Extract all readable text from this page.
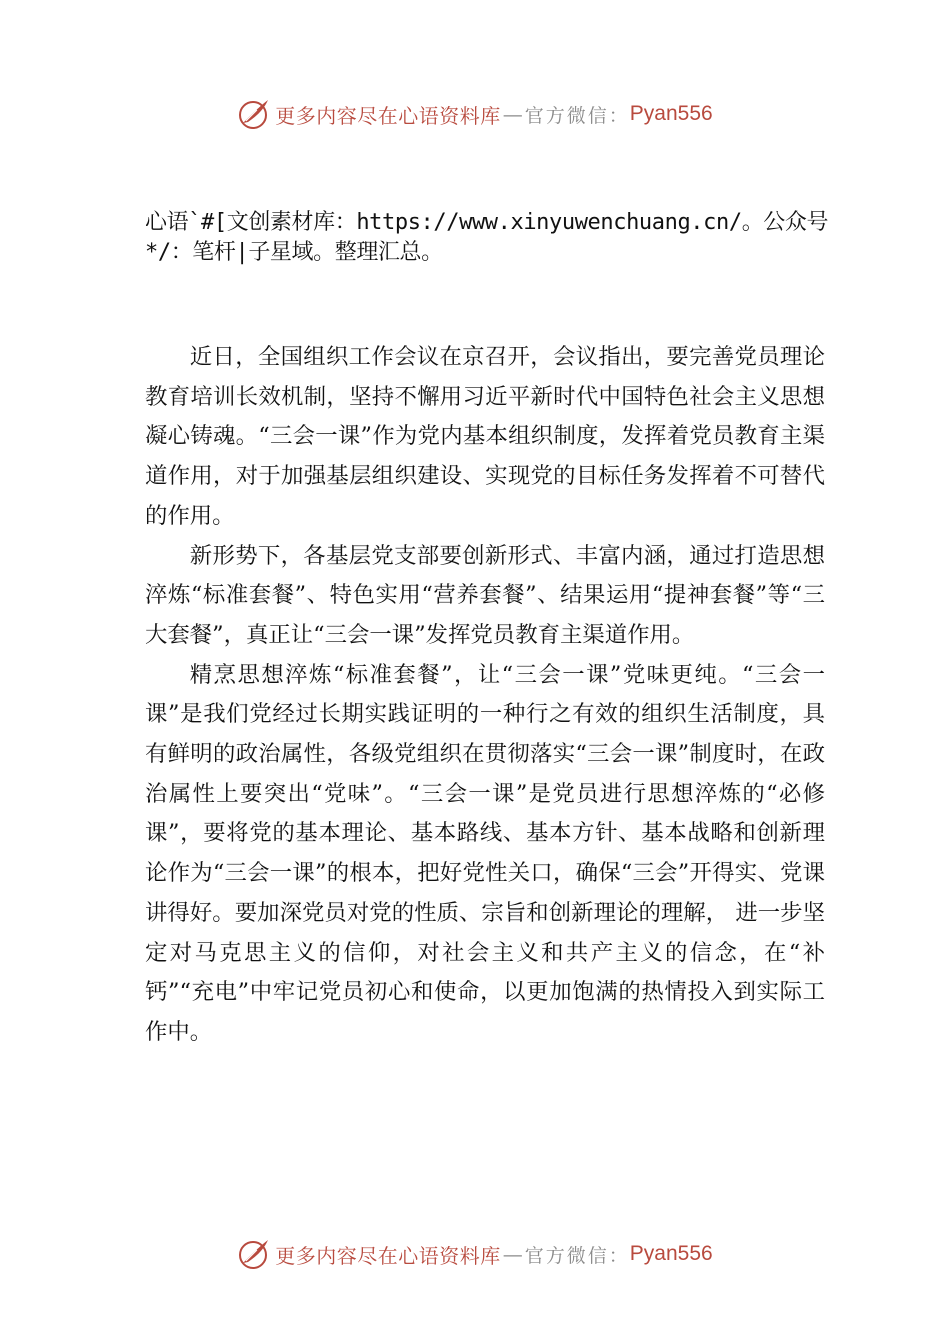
更多内容尽在心语资料库 — 官方微信： Pyan556

心语`#[文创素材库：https://www.xinyuwenchuang.cn/。公众号*/：笔杆|子星域。整理汇总。

近日，全国组织工作会议在京召开，会议指出，要完善党员理论教育培训长效机制，坚持不懈用习近平新时代中国特色社会主义思想凝心铸魂。“三会一课”作为党内基本组织制度，发挥着党员教育主渠道作用，对于加强基层组织建设、实现党的目标任务发挥着不可替代的作用。

新形势下，各基层党支部要创新形式、丰富内涵，通过打造思想淬炼“标准套餐”、特色实用“营养套餐”、结果运用“提神套餐”等“三大套餐”，真正让“三会一课”发挥党员教育主渠道作用。

精烹思想淬炼“标准套餐”，让“三会一课”党味更纯。“三会一课”是我们党经过长期实践证明的一种行之有效的组织生活制度，具有鲜明的政治属性，各级党组织在贯彻落实“三会一课”制度时，在政治属性上要突出“党味”。“三会一课”是党员进行思想淬炼的“必修课”，要将党的基本理论、基本路线、基本方针、基本战略和创新理论作为“三会一课”的根本，把好党性关口，确保“三会”开得实、党课讲得好。要加深党员对党的性质、宗旨和创新理论的理解， 进一步坚定对马克思主义的信仰，对社会主义和共产主义的信念，在“补钙”“充电”中牢记党员初心和使命，以更加饱满的热情投入到实际工作中。

更多内容尽在心语资料库 — 官方微信： Pyan556
